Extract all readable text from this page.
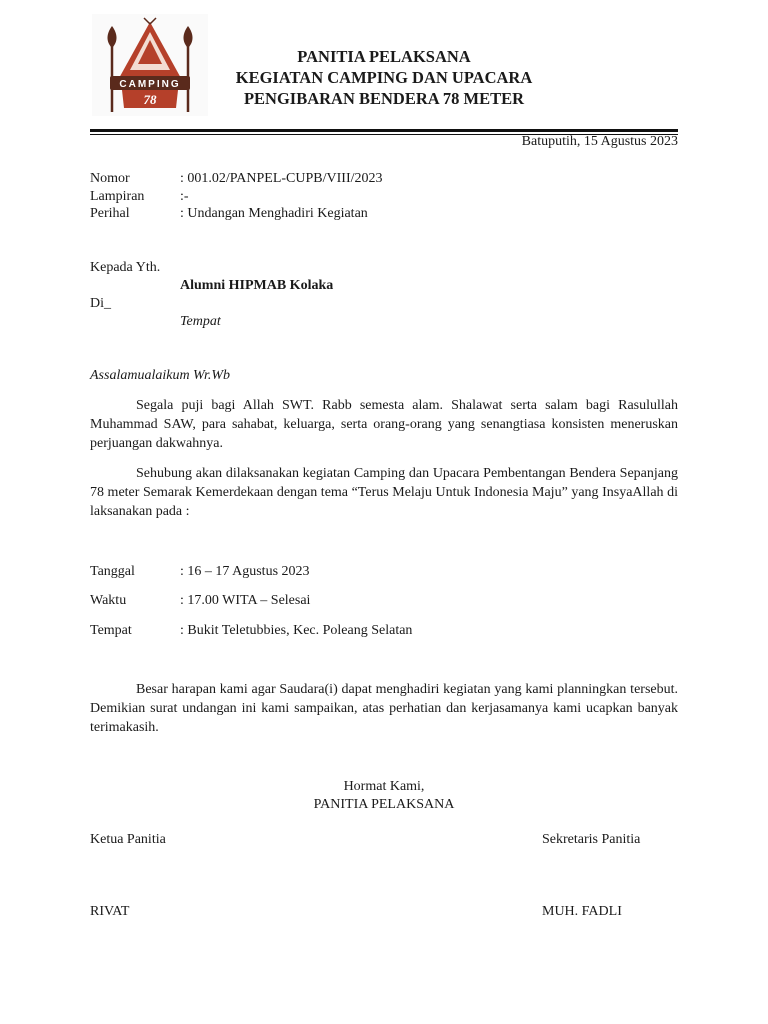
CAMPING
78
PANITIA PELAKSANA
KEGIATAN CAMPING DAN UPACARA
PENGIBARAN BENDERA 78 METER
Batuputih, 15 Agustus 2023
Nomor	: 001.02/PANPEL-CUPB/VIII/2023
Lampiran	:-
Perihal	: Undangan Menghadiri Kegiatan
Kepada Yth.
Alumni HIPMAB Kolaka
Di_
Tempat
Assalamualaikum Wr.Wb
Segala puji bagi Allah SWT. Rabb semesta alam. Shalawat serta salam bagi Rasulullah Muhammad SAW, para sahabat, keluarga, serta orang-orang yang senangtiasa konsisten meneruskan perjuangan dakwahnya.
Sehubung akan dilaksanakan kegiatan Camping dan Upacara Pembentangan Bendera Sepanjang 78 meter Semarak Kemerdekaan dengan tema “Terus Melaju Untuk Indonesia Maju” yang InsyaAllah di laksanakan pada :
Tanggal	: 16 – 17 Agustus 2023
Waktu	: 17.00 WITA – Selesai
Tempat	: Bukit Teletubbies, Kec. Poleang Selatan
Besar harapan kami agar Saudara(i) dapat menghadiri kegiatan yang kami planningkan tersebut. Demikian surat undangan ini kami sampaikan, atas perhatian dan kerjasamanya kami ucapkan banyak terimakasih.
Hormat Kami,
PANITIA PELAKSANA
Ketua Panitia	Sekretaris Panitia
RIVAT	MUH. FADLI
